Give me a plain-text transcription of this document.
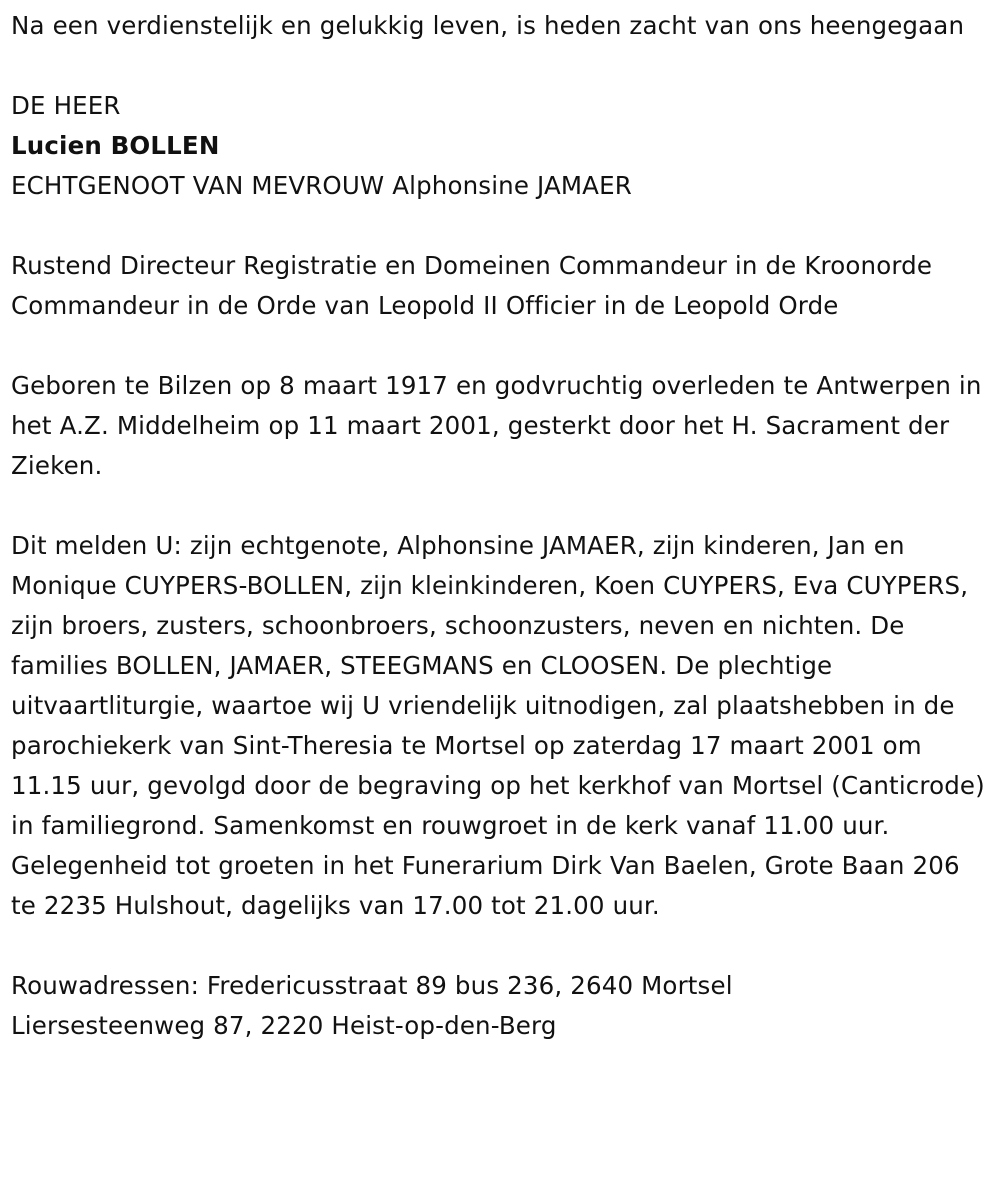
Na een verdienstelijk en gelukkig leven, is heden zacht van ons heengegaan

DE HEER

Lucien BOLLEN

ECHTGENOOT VAN MEVROUW Alphonsine JAMAER

Rustend Directeur Registratie en Domeinen Commandeur in de Kroonorde Commandeur in de Orde van Leopold II Officier in de Leopold Orde

Geboren te Bilzen op 8 maart 1917 en godvruchtig overleden te Antwerpen in het A.Z. Middelheim op 11 maart 2001, gesterkt door het H. Sacrament der Zieken.

Dit melden U: zijn echtgenote, Alphonsine JAMAER, zijn kinderen, Jan en Monique CUYPERS-BOLLEN, zijn kleinkinderen, Koen CUYPERS, Eva CUYPERS, zijn broers, zusters, schoonbroers, schoonzusters, neven en nichten. De families BOLLEN, JAMAER, STEEGMANS en CLOOSEN. De plechtige uitvaartliturgie, waartoe wij U vriendelijk uitnodigen, zal plaatshebben in de parochiekerk van Sint-Theresia te Mortsel op zaterdag 17 maart 2001 om 11.15 uur, gevolgd door de begraving op het kerkhof van Mortsel (Canticrode) in familiegrond. Samenkomst en rouwgroet in de kerk vanaf 11.00 uur. Gelegenheid tot groeten in het Funerarium Dirk Van Baelen, Grote Baan 206 te 2235 Hulshout, dagelijks van 17.00 tot 21.00 uur.

Rouwadressen: Fredericusstraat 89 bus 236, 2640 Mortsel
Liersesteenweg 87, 2220 Heist-op-den-Berg
